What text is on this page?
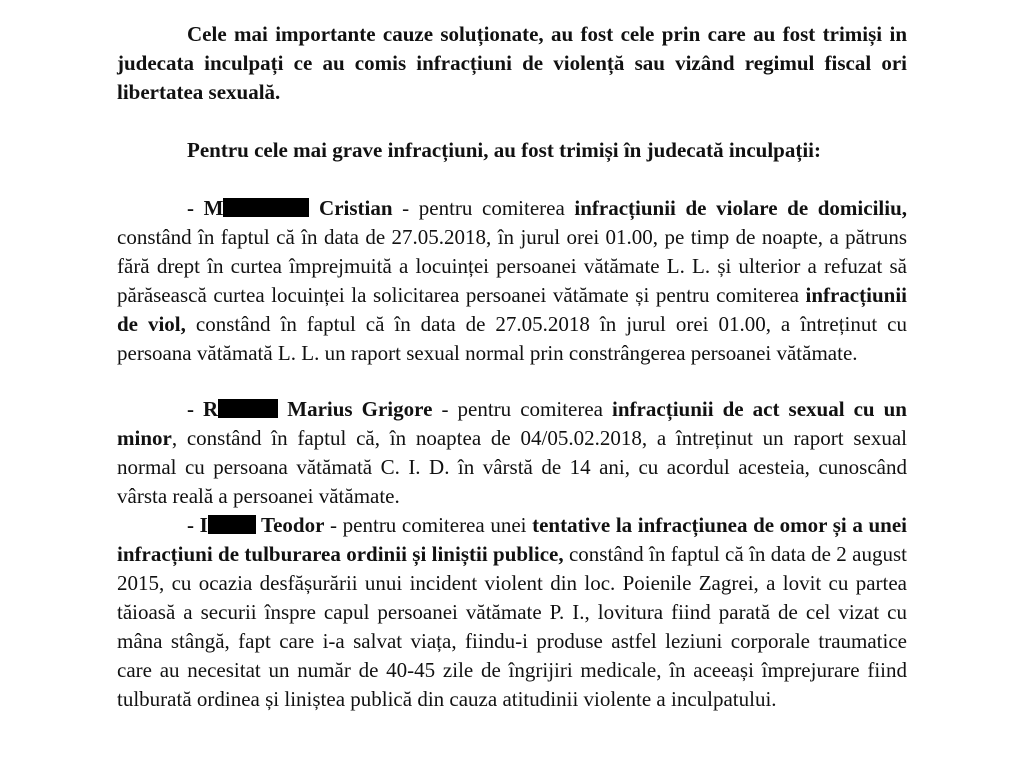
Cele mai importante cauze soluționate, au fost cele prin care au fost trimiși in judecata inculpați ce au comis infracțiuni de violență sau vizând regimul fiscal ori libertatea sexuală.

Pentru cele mai grave infracțiuni, au fost trimiși în judecată inculpații:

- M	Cristian - pentru comiterea infracțiunii de violare de domiciliu, constând în faptul că în data de 27.05.2018, în jurul orei 01.00, pe timp de noapte, a pătruns fără drept în curtea împrejmuită a locuinței persoanei vătămate L. L. și ulterior a refuzat să părăsească curtea locuinței la solicitarea persoanei vătămate și pentru comiterea infracțiunii de viol, constând în faptul că în data de 27.05.2018 în jurul orei 01.00, a întreținut cu persoana vătămată L. L. un raport sexual normal prin constrângerea persoanei vătămate.

- R	Marius Grigore - pentru comiterea infracțiunii de act sexual cu un minor, constând în faptul că, în noaptea de 04/05.02.2018, a întreținut un raport sexual normal cu persoana vătămată C. I. D. în vârstă de 14 ani, cu acordul acesteia, cunoscând vârsta reală a persoanei vătămate.

- I Teodor - pentru comiterea unei tentative la infracțiunea de omor și a unei infracțiuni de tulburarea ordinii și liniștii publice, constând în faptul că în data de 2 august 2015, cu ocazia desfășurării unui incident violent din loc. Poienile Zagrei, a lovit cu partea tăioasă a securii înspre capul persoanei vătămate P. I., lovitura fiind parată de cel vizat cu mâna stângă, fapt care i-a salvat viața, fiindu-i produse astfel leziuni corporale traumatice care au necesitat un număr de 40-45 zile de îngrijiri medicale, în aceeași împrejurare fiind tulburată ordinea și liniștea publică din cauza atitudinii violente a inculpatului.
